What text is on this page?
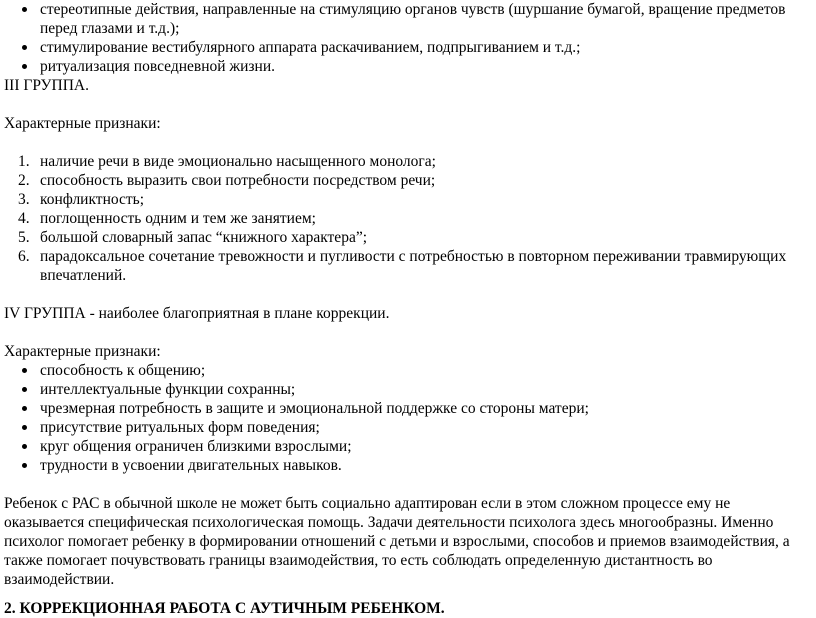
стереотипные действия, направленные на стимуляцию органов чувств (шуршание бумагой, вращение предметов перед глазами и т.д.);
стимулирование вестибулярного аппарата раскачиванием, подпрыгиванием и т.д.;
ритуализация повседневной жизни.

III ГРУППА.

Характерные признаки:

1. наличие речи в виде эмоционально насыщенного монолога;
2. способность выразить свои потребности посредством речи;
3. конфликтность;
4. поглощенность одним и тем же занятием;
5. большой словарный запас “книжного характера”;
6. парадоксальное сочетание тревожности и пугливости с потребностью в повторном переживании травмирующих впечатлений.

IV ГРУППА - наиболее благоприятная в плане коррекции.

Характерные признаки:

способность к общению;
интеллектуальные функции сохранны;
чрезмерная потребность в защите и эмоциональной поддержке со стороны матери;
присутствие ритуальных форм поведения;
круг общения ограничен близкими взрослыми;
трудности в усвоении двигательных навыков.

Ребенок с РАС в обычной школе не может быть социально адаптирован если в этом сложном процессе ему не оказывается специфическая психологическая помощь. Задачи деятельности психолога здесь многообразны. Именно психолог помогает ребенку в формировании отношений с детьми и взрослыми, способов и приемов взаимодействия, а также помогает почувствовать границы взаимодействия, то есть соблюдать определенную дистантность во взаимодействии.

2. КОРРЕКЦИОННАЯ РАБОТА С АУТИЧНЫМ РЕБЕНКОМ.
